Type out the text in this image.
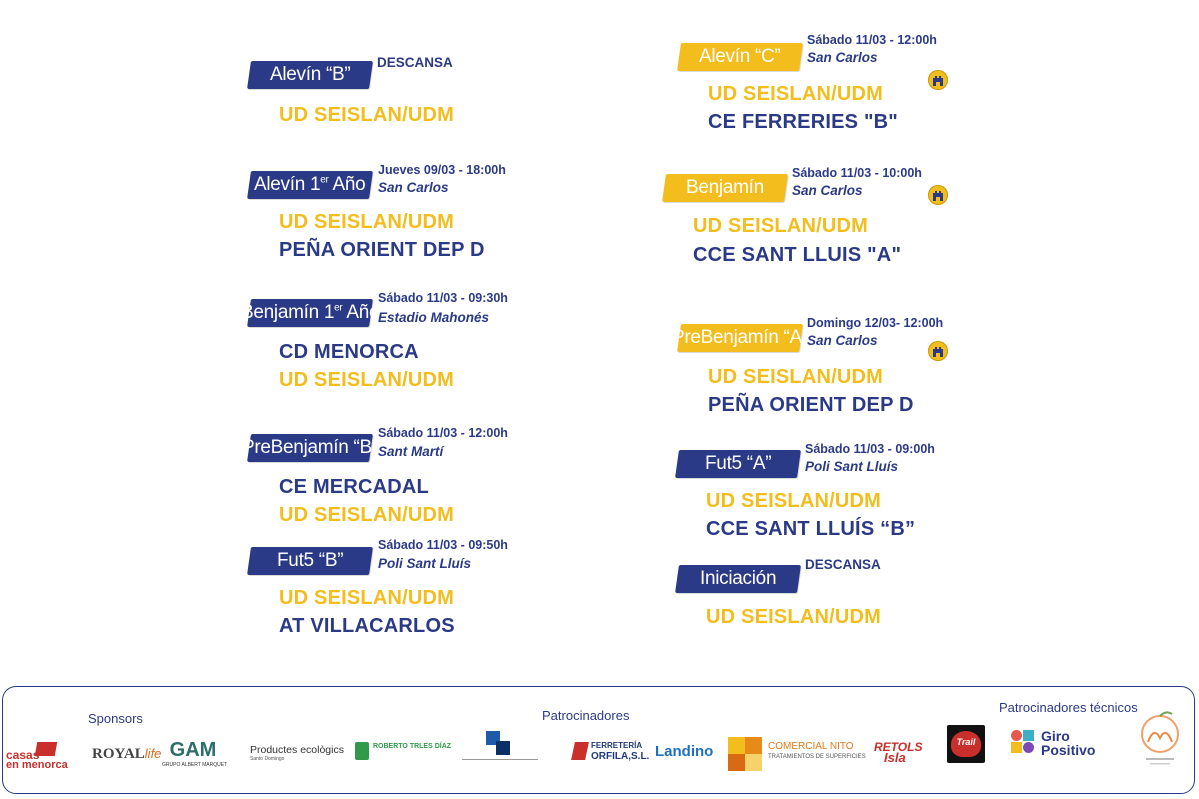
Alevín “B”
DESCANSA
UD SEISLAN/UDM
Alevín 1er Año
Jueves 09/03 - 18:00h
San Carlos
UD SEISLAN/UDM
PEÑA ORIENT DEP D
Benjamín 1er Año
Sábado 11/03 - 09:30h
Estadio Mahonés
CD MENORCA
UD SEISLAN/UDM
PreBenjamín “B”
Sábado 11/03 - 12:00h
Sant Martí
CE MERCADAL
UD SEISLAN/UDM
Fut5 “B”
Sábado 11/03 - 09:50h
Poli Sant Lluís
UD SEISLAN/UDM
AT VILLACARLOS
Alevín “C”
Sábado 11/03 - 12:00h
San Carlos
UD SEISLAN/UDM
CE FERRERIES "B"
Benjamín
Sábado 11/03 - 10:00h
San Carlos
UD SEISLAN/UDM
CCE SANT LLUIS "A"
PreBenjamín “A”
Domingo 12/03- 12:00h
San Carlos
UD SEISLAN/UDM
PEÑA ORIENT DEP D
Fut5 “A”
Sábado 11/03 - 09:00h
Poli Sant Lluís
UD SEISLAN/UDM
CCE SANT LLUÍS “B”
Iniciación
DESCANSA
UD SEISLAN/UDM
Sponsors	Patrocinadores
Patrocinadores técnicos
casas
en menorca
ROYALlife GAM
GRUPO ALBERT MARQUET
Productes ecològics
Santo Domingo
ROBERTO TRLES DÍAZ	FERRETERÍA
ORFILA,S.L. Landino	COMERCIAL NITO
TRATAMIENTOS DE SUPERFICIES
RETOLS
Isla
Trail	Giro
Positivo
